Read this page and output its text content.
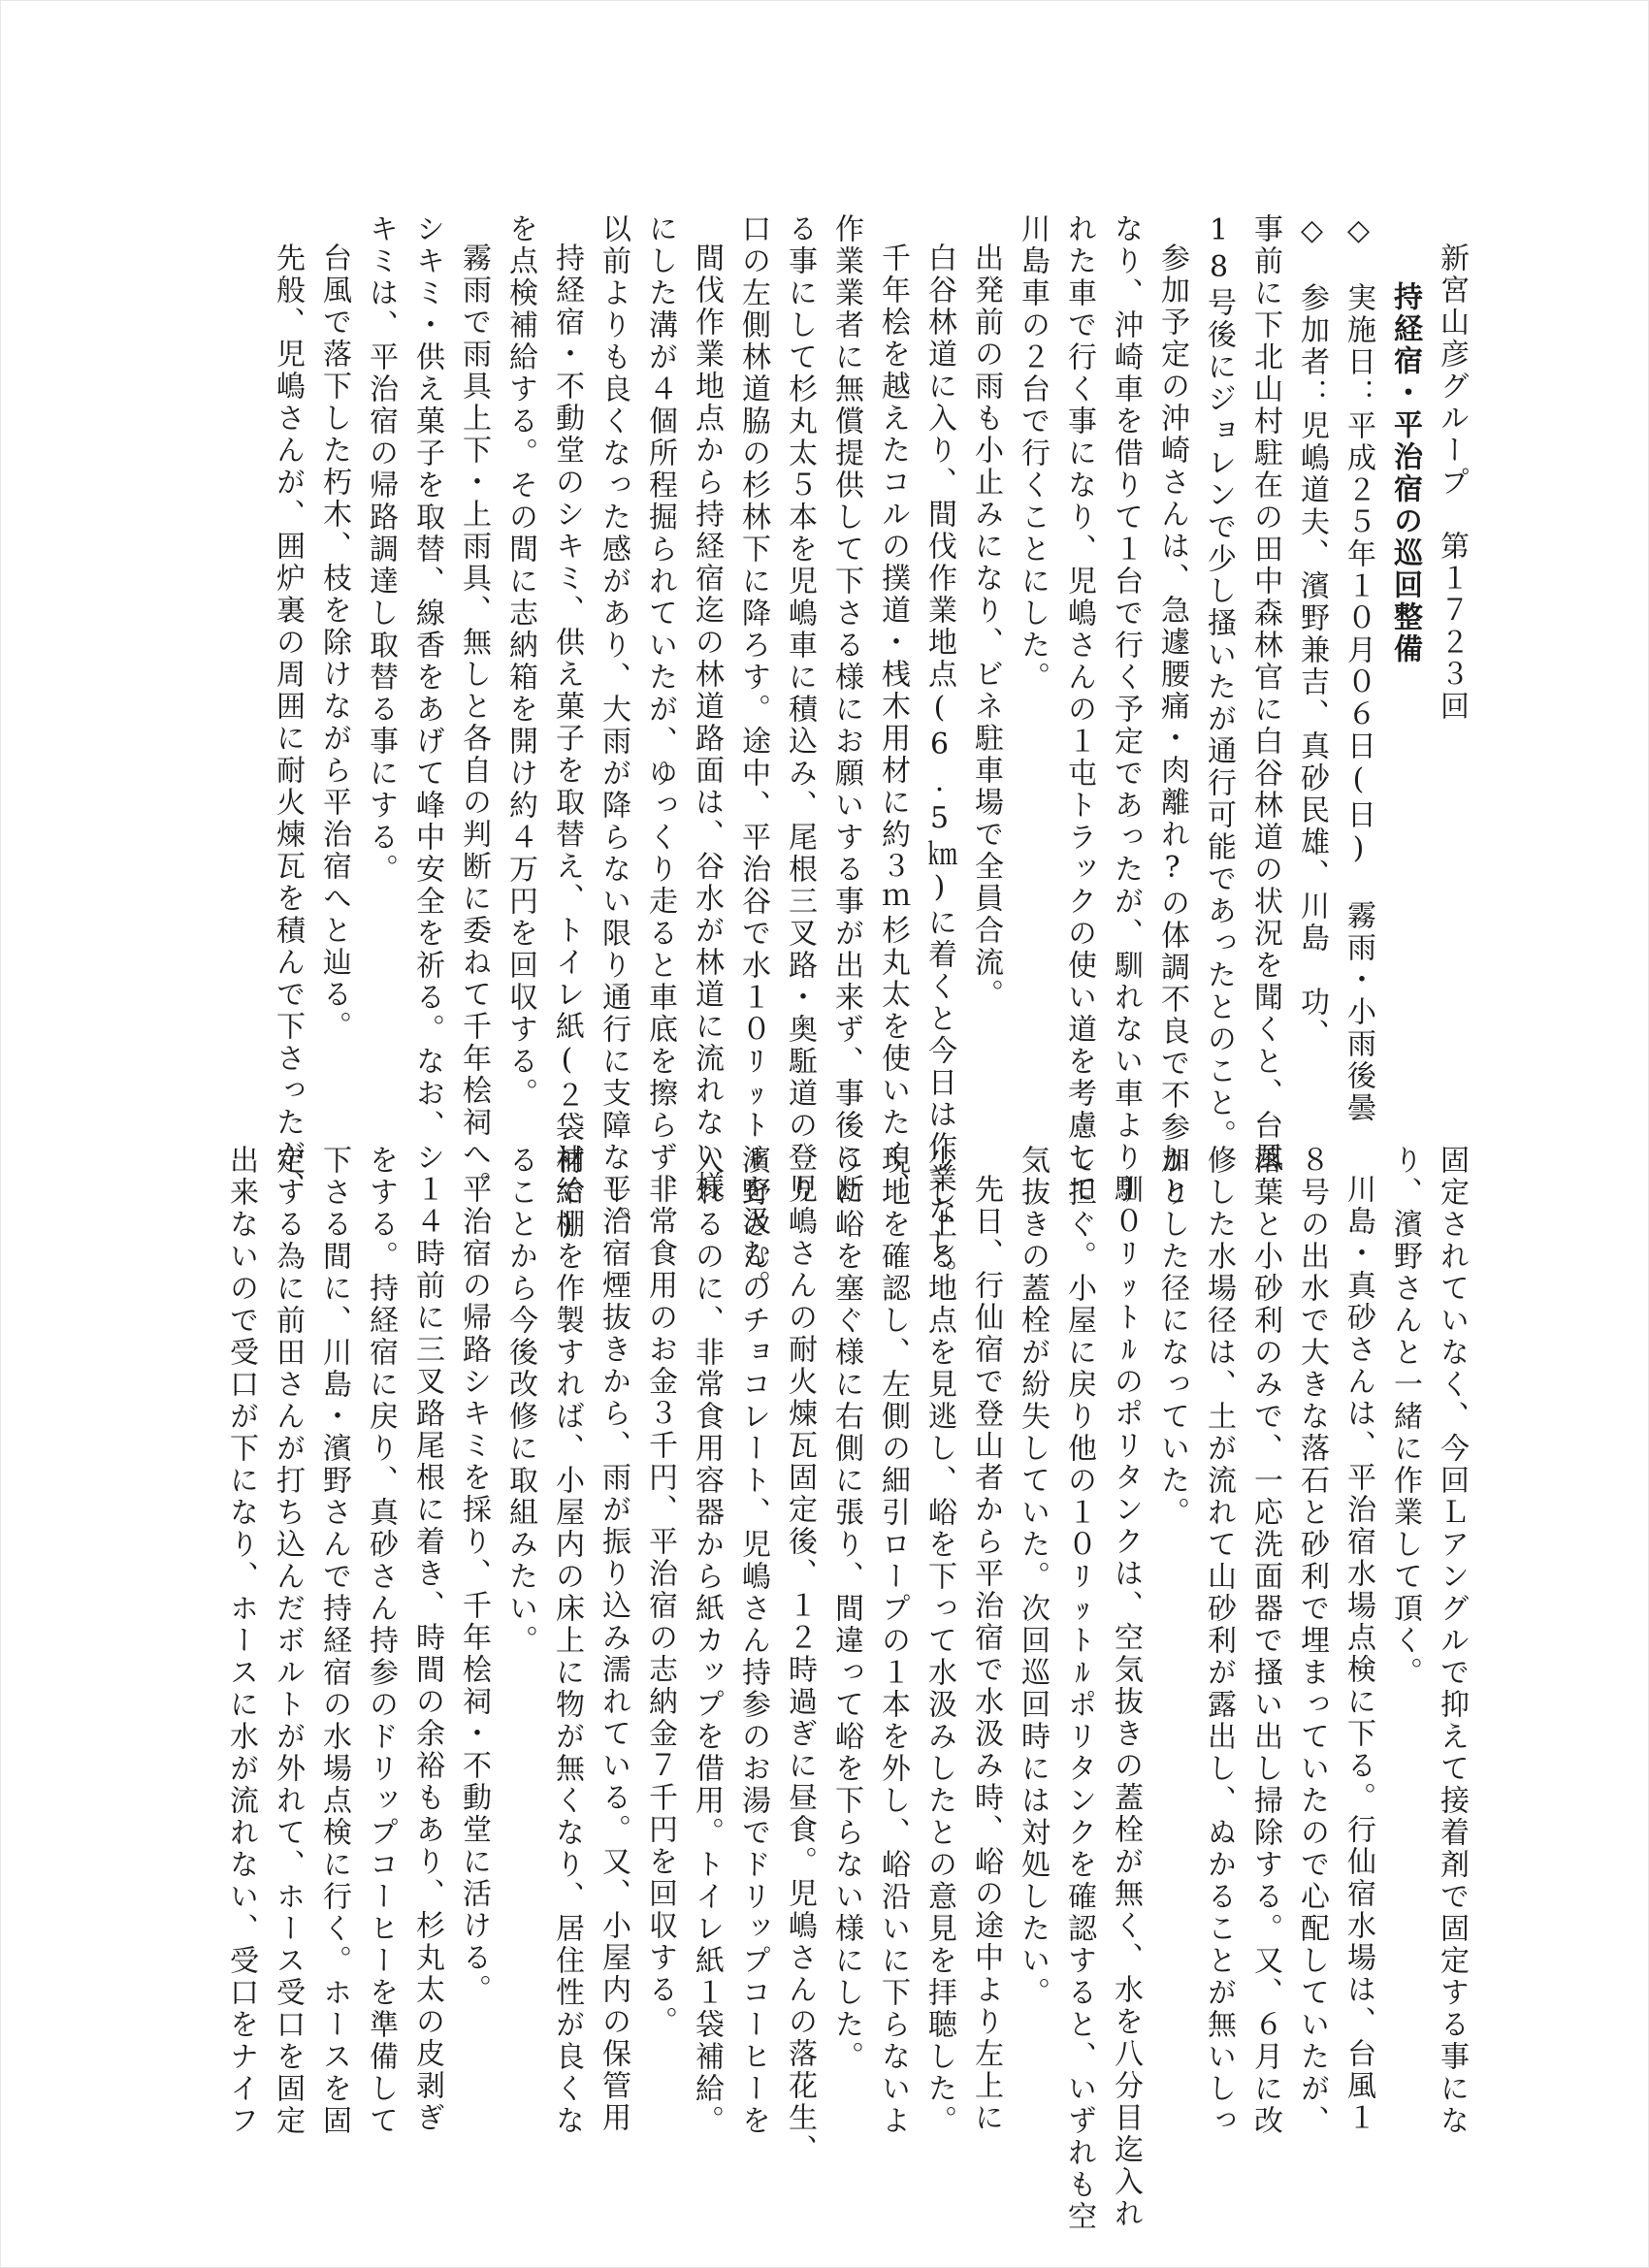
新宮山彦グループ　第１７２３回
持経宿・平治宿の巡回整備
◇　実施日：平成２５年１０月０６日(日)　霧雨・小雨後曇
◇　参加者：児嶋道夫、濱野兼吉、真砂民雄、川島　功、
事前に下北山村駐在の田中森林官に白谷林道の状況を聞くと、台風
18号後にジョレンで少し搔いたが通行可能であったとのこと。
参加予定の沖崎さんは、急遽腰痛・肉離れ?の体調不良で不参加と
なり、沖崎車を借りて１台で行く予定であったが、馴れない車より馴
れた車で行く事になり、児嶋さんの１屯トラックの使い道を考慮して
川島車の２台で行くことにした。
出発前の雨も小止みになり、ビネ駐車場で全員合流。
白谷林道に入り、間伐作業地点(6.5㎞)に着くと今日は作業なし。
千年桧を越えたコルの撲道・桟木用材に約３ｍ杉丸太を使いたく、
作業業者に無償提供して下さる様にお願いする事が出来ず、事後に断
る事にして杉丸太５本を児嶋車に積込み、尾根三叉路・奥駈道の登り
口の左側林道脇の杉林下に降ろす。途中、平治谷で水１０ﾘｯﾄﾙを汲む。
間伐作業地点から持経宿迄の林道路面は、谷水が林道に流れない様
にした溝が４個所程掘られていたが、ゆっくり走ると車底を擦らず、
以前よりも良くなった感があり、大雨が降らない限り通行に支障なし。
持経宿・不動堂のシキミ、供え菓子を取替え、トイレ紙(２袋補給)
を点検補給する。その間に志納箱を開け約４万円を回収する。
霧雨で雨具上下・上雨具、無しと各自の判断に委ねて千年桧祠へ。
シキミ・供え菓子を取替、線香をあげて峰中安全を祈る。なお、シ
キミは、平治宿の帰路調達し取替る事にする。
台風で落下した朽木、枝を除けながら平治宿へと辿る。
先般、児嶋さんが、囲炉裏の周囲に耐火煉瓦を積んで下さったが、
固定されていなく、今回Ｌアングルで抑えて接着剤で固定する事にな
り、濱野さんと一緒に作業して頂く。
川島・真砂さんは、平治宿水場点検に下る。行仙宿水場は、台風１
８号の出水で大きな落石と砂利で埋まっていたので心配していたが、
落葉と小砂利のみで、一応洗面器で搔い出し掃除する。又、６月に改
修した水場径は、土が流れて山砂利が露出し、ぬかることが無いしっ
かりした径になっていた。
１０ﾘｯﾄﾙのポリタンクは、空気抜きの蓋栓が無く、水を八分目迄入れ
て担ぐ。小屋に戻り他の１０ﾘｯﾄﾙポリタンクを確認すると、いずれも空
気抜きの蓋栓が紛失していた。次回巡回時には対処したい。
先日、行仙宿で登山者から平治宿で水汲み時、峪の途中より左上に
少し上る地点を見逃し、峪を下って水汲みしたとの意見を拝聴した。
現地を確認し、左側の細引ロープの１本を外し、峪沿いに下らないよ
うに峪を塞ぐ様に右側に張り、間違って峪を下らない様にした。
児嶋さんの耐火煉瓦固定後、１２時過ぎに昼食。児嶋さんの落花生、
濱野さんのチョコレート、児嶋さん持参のお湯でドリップコーヒーを
入れるのに、非常食用容器から紙カップを借用。トイレ紙１袋補給。
非常食用のお金３千円、平治宿の志納金７千円を回収する。
平治宿煙抜きから、雨が振り込み濡れている。又、小屋内の保管用
材で棚を作製すれば、小屋内の床上に物が無くなり、居住性が良くな
ることから今後改修に取組みたい。
平治宿の帰路シキミを採り、千年桧祠・不動堂に活ける。
１４時前に三叉路尾根に着き、時間の余裕もあり、杉丸太の皮剥ぎ
をする。持経宿に戻り、真砂さん持参のドリップコーヒーを準備して
下さる間に、川島・濱野さんで持経宿の水場点検に行く。ホースを固
定する為に前田さんが打ち込んだボルトが外れて、ホース受口を固定
出来ないので受口が下になり、ホースに水が流れない、受口をナイフ
